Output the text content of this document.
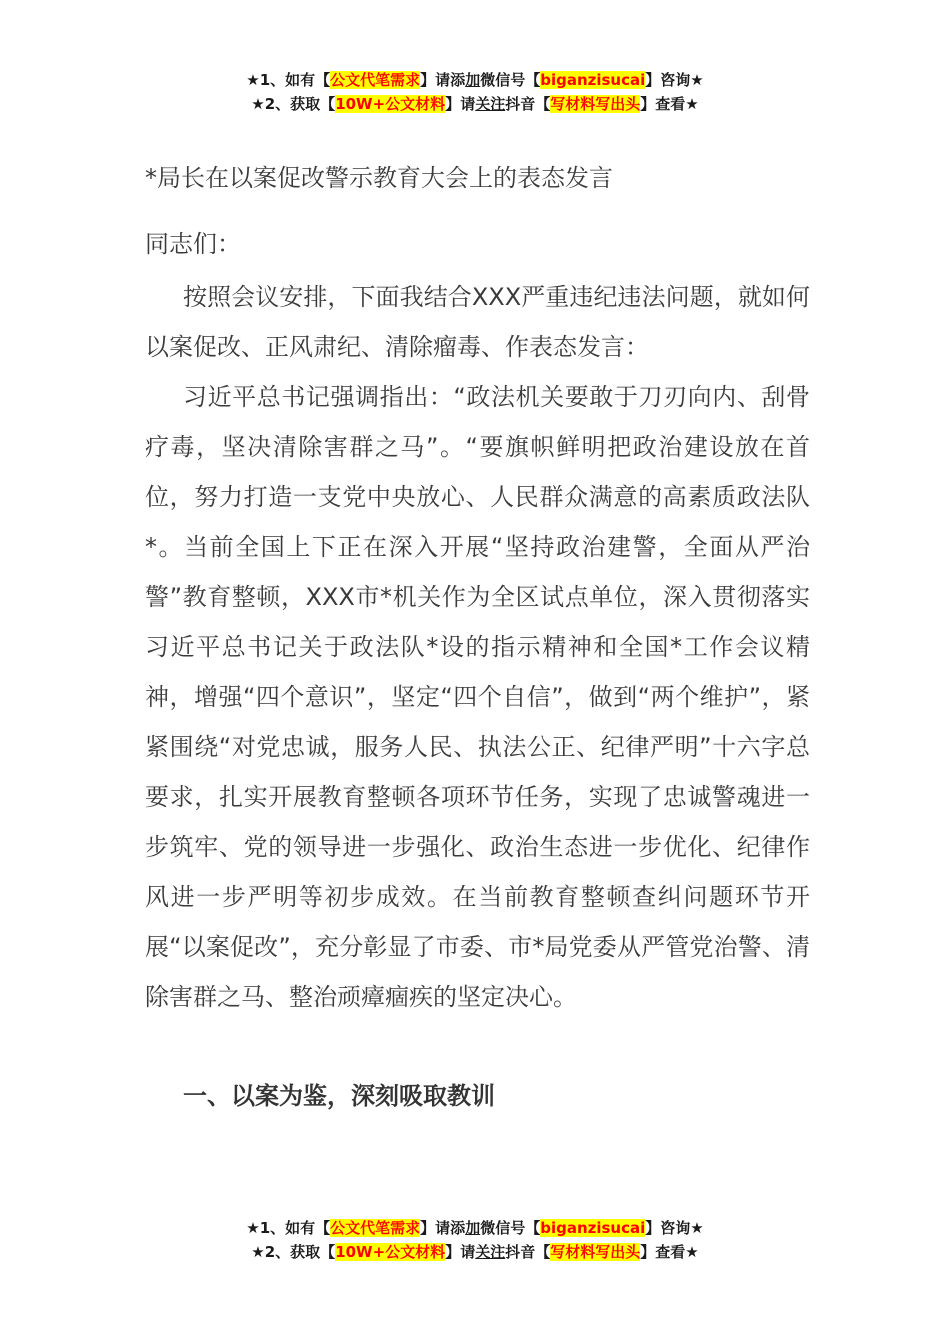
★1、如有【公文代笔需求】请添加微信号【biganzisucai】咨询★
★2、获取【10W+公文材料】请关注抖音【写材料写出头】查看★
*局长在以案促改警示教育大会上的表态发言
同志们：
按照会议安排，下面我结合XXX严重违纪违法问题，就如何以案促改、正风肃纪、清除瘤毒、作表态发言：
习近平总书记强调指出：“政法机关要敢于刀刃向内、刮骨疗毒，坚决清除害群之马”。“要旗帜鲜明把政治建设放在首位，努力打造一支党中央放心、人民群众满意的高素质政法队*。当前全国上下正在深入开展“坚持政治建警，全面从严治警”教育整顿，XXX市*机关作为全区试点单位，深入贯彻落实习近平总书记关于政法队*设的指示精神和全国*工作会议精神，增强“四个意识”，坚定“四个自信”，做到“两个维护”，紧紧围绕“对党忠诚，服务人民、执法公正、纪律严明”十六字总要求，扎实开展教育整顿各项环节任务，实现了忠诚警魂进一步筑牢、党的领导进一步强化、政治生态进一步优化、纪律作风进一步严明等初步成效。在当前教育整顿查纠问题环节开展“以案促改”，充分彰显了市委、市*局党委从严管党治警、清除害群之马、整治顽瘴痼疾的坚定决心。
一、以案为鉴，深刻吸取教训
★1、如有【公文代笔需求】请添加微信号【biganzisucai】咨询★
★2、获取【10W+公文材料】请关注抖音【写材料写出头】查看★
